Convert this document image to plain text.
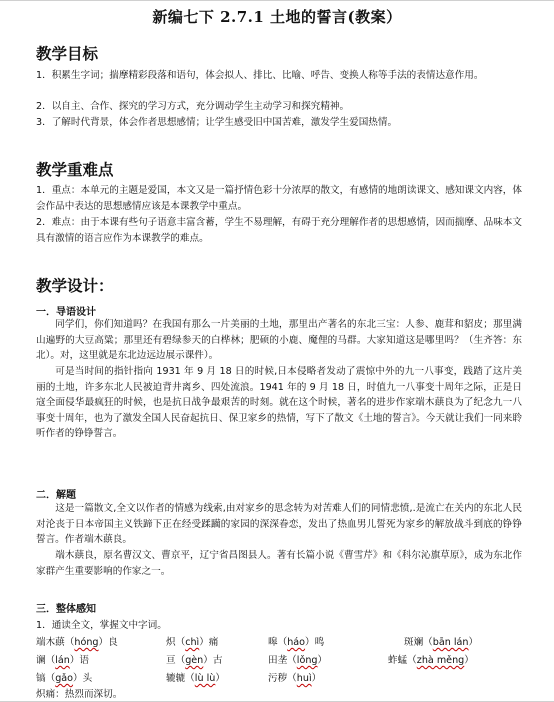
新编七下 2.7.1 土地的誓言(教案）
教学目标

1．积累生字词；揣摩精彩段落和语句，体会拟人、排比、比喻、呼告、变换人称等手法的表情达意作用。

2．以自主、合作、探究的学习方式，充分调动学生主动学习和探究精神。

3．了解时代背景，体会作者思想感情；让学生感受旧中国苦难，激发学生爱国热情。

教学重难点

1．重点：本单元的主题是爱国，本文又是一篇抒情色彩十分浓厚的散文，有感情的地朗读课文、感知课文内容，体会作品中表达的思想感情应该是本课教学中重点。

2．难点：由于本课有些句子语意丰富含蓄，学生不易理解，有碍于充分理解作者的思想感情，因而揣摩、品味本文具有激情的语言应作为本课教学的难点。

教学设计：
一．导语设计

同学们，你们知道吗？在我国有那么一片美丽的土地，那里出产著名的东北三宝：人参、鹿茸和貂皮；那里满山遍野的大豆高粱；那里还有碧绿参天的白桦林；肥硕的小鹿、魔俚的马群。大家知道这是哪里吗？（生齐答：东北）。对，这里就是东北边远边展示课件）。

可是当时间的指针指向 1931 年 9 月 18 日的时候,日本侵略者发动了震惊中外的九一八事变，践踏了这片美丽的土地，许多东北人民被迫背井离乡、四处流浪。1941 年的 9 月 18 日，时值九一八事变十周年之际，正是日寇全面侵华最疯狂的时候，也是抗日战争最艰苦的时刻。就在这个时候，著名的进步作家端木蕻良为了纪念九一八事变十周年，也为了激发全国人民奋起抗日、保卫家乡的热情，写下了散文《土地的誓言》。今天就让我们一同来聆听作者的铮铮誓言。

二．解题

这是一篇散文,全文以作者的情感为线索,由对家乡的思念转为对苦难人们的同情悲愤,.是流亡在关内的东北人民对沦丧于日本帝国主义铁蹄下正在经受蹂躏的家园的深深眷恋，发出了热血男儿誓死为家乡的解放战斗到底的铮铮誓言。作者端木蕻良。

端木蕻良，原名曹汉文、曹京平，辽宁省昌图县人。著有长篇小说《曹雪芹》和《科尔沁旗草原》，成为东北作家群产生重要影响的作家之一。

三．整体感知
1．通读全文，掌握文中字词。
端木蕻（hóng）良	炽（chì）痛	嗥（háo）鸣	斑斓（bān lán）
谰（lán）语	亘（gèn）古	田垄（lǒng）	蚱蜢（zhà měng）
镐（gǎo）头	辘辘（lù lù）	污秽（huì）
炽痛：热烈而深切。
